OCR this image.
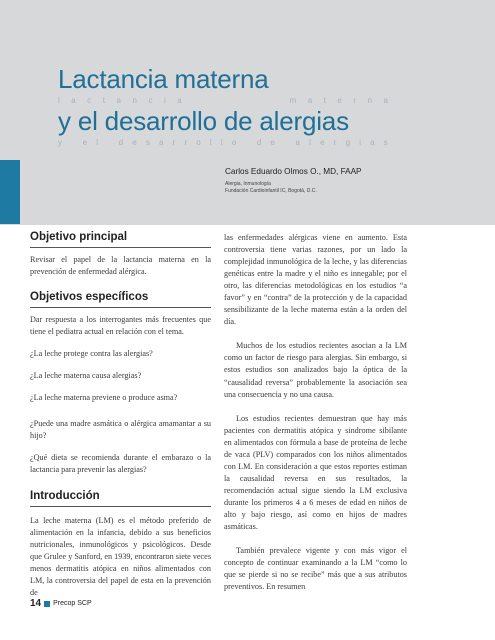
Lactancia materna
l a c t a n c i a

	m a t e r n a
y el desarrollo de alergias
y
	e l
	d e s a r r o l l o
	d e
	a l e r g i a s
Carlos Eduardo Olmos O., MD, FAAP
Alergia, Inmunología
Fundación Cardioinfantil IC, Bogotá, D.C.

Objetivo principal

Revisar el papel de la lactancia materna en la prevención de enfermedad alérgica.

Objetivos específicos

Dar respuesta a los interrogantes más frecuentes que tiene el pediatra actual en relación con el tema.

¿La leche protege contra las alergias?

¿La leche materna causa alergias?

¿La leche materna previene o produce asma?

¿Puede una madre asmática o alérgica amamantar a su hijo?

¿Qué dieta se recomienda durante el embarazo o la lactancia para prevenir las alergias?

Introducción

La leche materna (LM) es el método preferido de alimentación en la infancia, debido a sus beneficios nutricionales, inmunológicos y psicológicos. Desde que Grulee y Sanford, en 1939, encontraron siete veces menos dermatitis atópica en niños alimentados con LM, la controversia del papel de esta en la prevención de

las enfermedades alérgicas viene en aumento. Esta controversia tiene varias razones, por un lado la complejidad inmunológica de la leche, y las diferencias genéticas entre la madre y el niño es innegable; por el otro, las diferencias metodológicas en los estudios “a favor” y en “contra” de la protección y de la capacidad sensibilizante de la leche materna están a la orden del día.

Muchos de los estudios recientes asocian a la LM como un factor de riesgo para alergias. Sin embargo, si estos estudios son analizados bajo la óptica de la “causalidad reversa” probablemente la asociación sea una consecuencia y no una causa.

Los estudios recientes demuestran que hay más pacientes con dermatitis atópica y sindrome sibilante en alimentados con fórmula a base de proteína de leche de vaca (PLV) comparados con los niños alimentados con LM. En consideración a que estos reportes estiman la causalidad reversa en sus resultados, la recomendación actual sigue siendo la LM exclusiva durante los primeros 4 a 6 meses de edad en niños de alto y bajo riesgo, así como en hijos de madres asmáticas.

También prevalece vigente y con más vigor el concepto de continuar examinando a la LM “como lo que se pierde si no se recibe” más que a sus atributos preventivos. En resumen

14 Precop SCP
